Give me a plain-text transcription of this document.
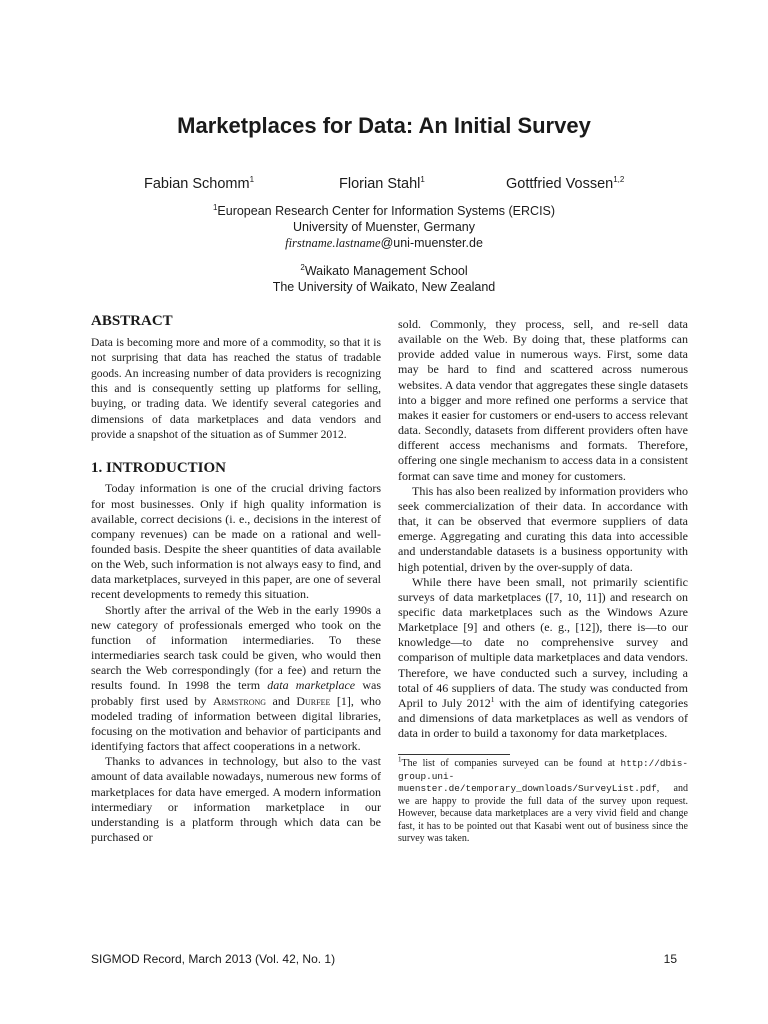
Marketplaces for Data: An Initial Survey
Fabian Schomm$^1$	Florian Stahl$^1$	Gottfried Vossen$^{1,2}$
$^1$European Research Center for Information Systems (ERCIS)
University of Muenster, Germany
firstname.lastname@uni-muenster.de
$^2$Waikato Management School
The University of Waikato, New Zealand
ABSTRACT

Data is becoming more and more of a commodity, so that it is not surprising that data has reached the status of tradable goods. An increasing number of data providers is recognizing this and is consequently setting up platforms for selling, buying, or trading data. We identify several categories and dimensions of data marketplaces and data vendors and provide a snapshot of the situation as of Summer 2012.

1. INTRODUCTION

Today information is one of the crucial driving factors for most businesses. Only if high quality information is available, correct decisions (i. e., decisions in the interest of company revenues) can be made on a rational and well-founded basis. Despite the sheer quantities of data available on the Web, such information is not always easy to find, and data marketplaces, surveyed in this paper, are one of several recent developments to remedy this situation.

Shortly after the arrival of the Web in the early 1990s a new category of professionals emerged who took on the function of information intermediaries. To these intermediaries search task could be given, who would then search the Web correspondingly (for a fee) and return the results found. In 1998 the term data marketplace was probably first used by Armstrong and Durfee [1], who modeled trading of information between digital libraries, focusing on the motivation and behavior of participants and identifying factors that affect cooperations in a network.

Thanks to advances in technology, but also to the vast amount of data available nowadays, numerous new forms of marketplaces for data have emerged. A modern information intermediary or information marketplace in our understanding is a platform through which data can be purchased or

sold. Commonly, they process, sell, and re-sell data available on the Web. By doing that, these platforms can provide added value in numerous ways. First, some data may be hard to find and scattered across numerous websites. A data vendor that aggregates these single datasets into a bigger and more refined one performs a service that makes it easier for customers or end-users to access relevant data. Secondly, datasets from different providers often have different access mechanisms and formats. Therefore, offering one single mechanism to access data in a consistent format can save time and money for customers.

This has also been realized by information providers who seek commercialization of their data. In accordance with that, it can be observed that evermore suppliers of data emerge. Aggregating and curating this data into accessible and understandable datasets is a business opportunity with high potential, driven by the over-supply of data.

While there have been small, not primarily scientific surveys of data marketplaces ([7, 10, 11]) and research on specific data marketplaces such as the Windows Azure Marketplace [9] and others (e. g., [12]), there is—to our knowledge—to date no comprehensive survey and comparison of multiple data marketplaces and data vendors. Therefore, we have conducted such a survey, including a total of 46 suppliers of data. The study was conducted from April to July 2012$^1$ with the aim of identifying categories and dimensions of data marketplaces as well as vendors of data in order to build a taxonomy for data marketplaces.

$^1$The list of companies surveyed can be found at http://dbis-group.uni-muenster.de/temporary_downloads/SurveyList.pdf, and we are happy to provide the full data of the survey upon request. However, because data marketplaces are a very vivid field and change fast, it has to be pointed out that Kasabi went out of business since the survey was taken.

SIGMOD Record, March 2013 (Vol. 42, No. 1)	15
